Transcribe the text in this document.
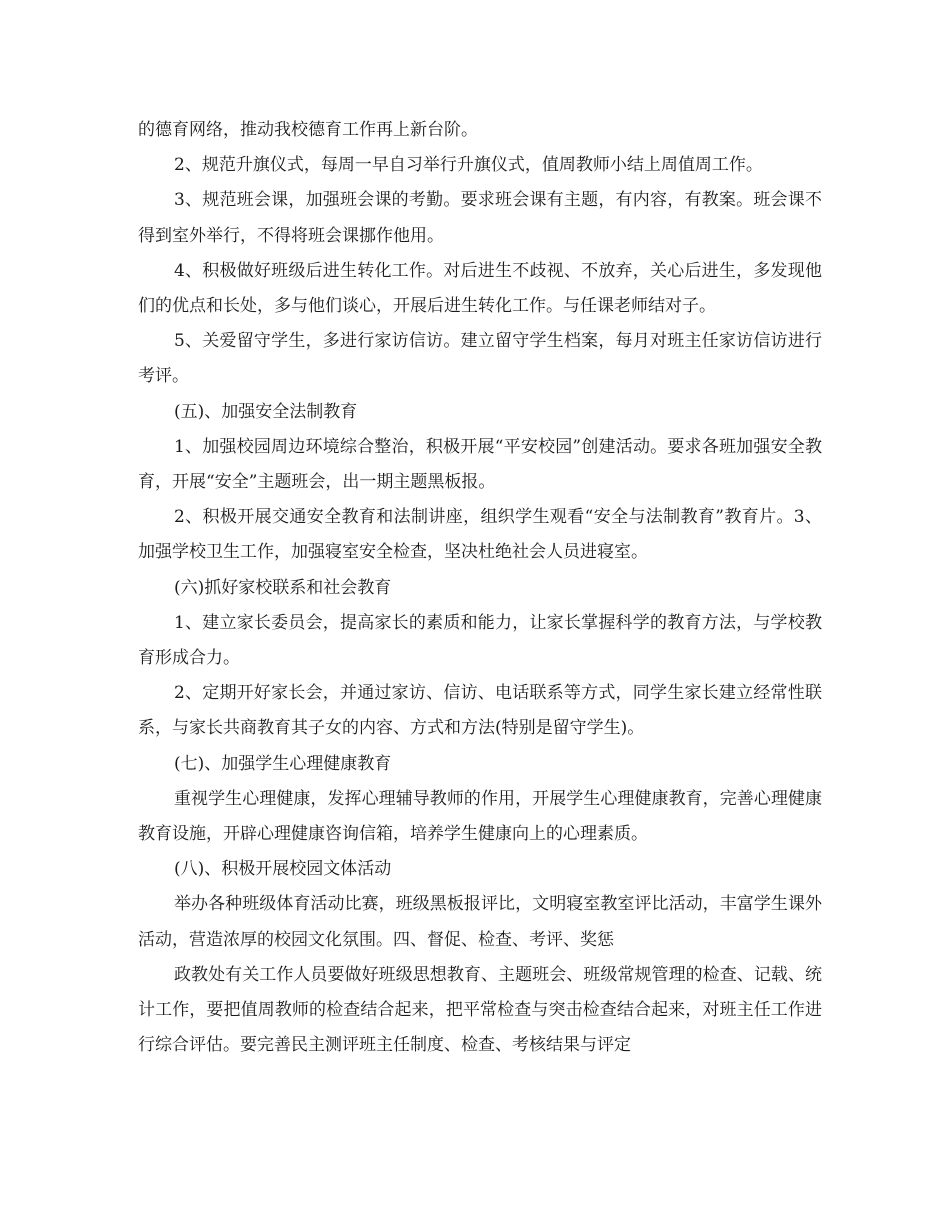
的德育网络，推动我校德育工作再上新台阶。

2、规范升旗仪式，每周一早自习举行升旗仪式，值周教师小结上周值周工作。

3、规范班会课，加强班会课的考勤。要求班会课有主题，有内容，有教案。班会课不得到室外举行，不得将班会课挪作他用。

4、积极做好班级后进生转化工作。对后进生不歧视、不放弃，关心后进生，多发现他们的优点和长处，多与他们谈心，开展后进生转化工作。与任课老师结对子。

5、关爱留守学生，多进行家访信访。建立留守学生档案，每月对班主任家访信访进行考评。

(五)、加强安全法制教育

1、加强校园周边环境综合整治，积极开展“平安校园”创建活动。要求各班加强安全教育，开展“安全”主题班会，出一期主题黑板报。

2、积极开展交通安全教育和法制讲座，组织学生观看“安全与法制教育”教育片。3、加强学校卫生工作，加强寝室安全检查，坚决杜绝社会人员进寝室。

(六)抓好家校联系和社会教育

1、建立家长委员会，提高家长的素质和能力，让家长掌握科学的教育方法，与学校教育形成合力。

2、定期开好家长会，并通过家访、信访、电话联系等方式，同学生家长建立经常性联系，与家长共商教育其子女的内容、方式和方法(特别是留守学生)。

(七)、加强学生心理健康教育

重视学生心理健康，发挥心理辅导教师的作用，开展学生心理健康教育，完善心理健康教育设施，开辟心理健康咨询信箱，培养学生健康向上的心理素质。

(八)、积极开展校园文体活动

举办各种班级体育活动比赛，班级黑板报评比，文明寝室教室评比活动，丰富学生课外活动，营造浓厚的校园文化氛围。四、督促、检查、考评、奖惩

政教处有关工作人员要做好班级思想教育、主题班会、班级常规管理的检查、记载、统计工作，要把值周教师的检查结合起来，把平常检查与突击检查结合起来，对班主任工作进行综合评估。要完善民主测评班主任制度、检查、考核结果与评定
